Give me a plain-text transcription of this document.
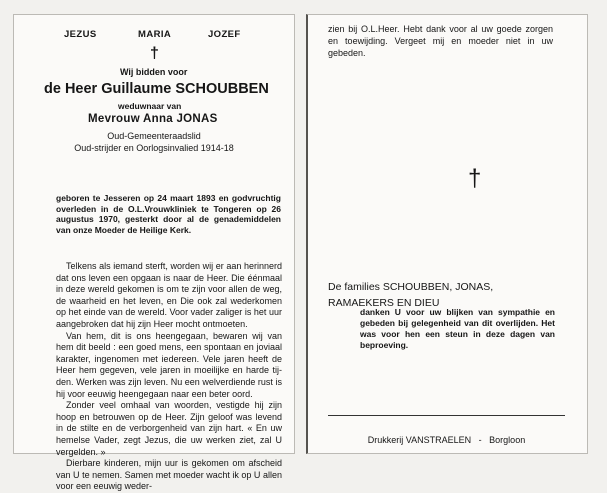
JEZUS	MARIA	JOZEF
†
Wij bidden voor
de Heer Guillaume SCHOUBBEN
weduwnaar van
Mevrouw Anna JONAS
Oud-Gemeenteraadslid
Oud-strijder en Oorlogsinvalied 1914-18
geboren te Jesseren op 24 maart 1893 en godvruchtig overleden in de O.L.Vrouwkliniek te Tongeren op 26 augustus 1970, gesterkt door al de genademiddelen van onze Moeder de Heilige Kerk.

Telkens als iemand sterft, worden wij er aan herinnerd dat ons leven een opgaan is naar de Heer. Die éénmaal in deze wereld gekomen is om te zijn voor allen de weg, de waarheid en het leven, en Die ook zal wederkomen op het einde van de wereld. Voor vader zaliger is het uur aangebroken dat hij zijn Heer mocht ontmoeten.

Van hem, dit is ons heengegaan, bewaren wij van hem dit beeld : een goed mens, een spontaan en joviaal karakter, ingenomen met iedereen. Vele jaren heeft de Heer hem gegeven, vele jaren in moeilijke en harde tijden. Werken was zijn leven. Nu een welverdiende rust is hij voor eeuwig heengegaan naar een beter oord.

Zonder veel omhaal van woorden, vestigde hij zijn hoop en betrouwen op de Heer. Zijn geloof was levend in de stilte en de verborgenheid van zijn hart. « En uw hemelse Vader, zegt Jezus, die uw werken ziet, zal U vergelden. »

Dierbare kinderen, mijn uur is gekomen om afscheid van U te nemen. Samen met moeder wacht ik op U allen voor een eeuwig weder-

zien bij O.L.Heer. Hebt dank voor al uw goede zorgen en toewijding. Vergeet mij en moeder niet in uw gebeden.
†
De families SCHOUBBEN, JONAS,
RAMAEKERS EN DIEU
danken U voor uw blijken van sympathie en gebeden bij gelegenheid van dit overlijden. Het was voor hen een steun in deze dagen van beproeving.
Drukkerij VANSTRAELEN - Borgloon
